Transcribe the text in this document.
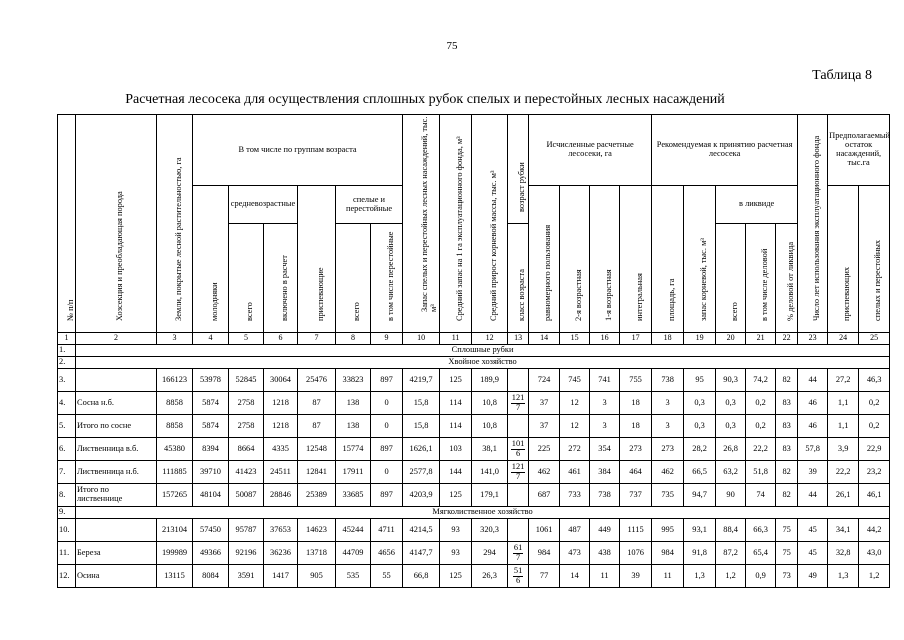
75
Таблица 8
Расчетная лесосека для осуществления сплошных рубок спелых и перестойных лесных насаждений
№ п/п	Хозсекция и преобладающая порода	Земли, покрытые лесной растительностью, га	В том числе по группам возраста						Запас спелых и перестойных лесных насаждений, тыс. м³	Средний запас на 1 га эксплуатационного фонда, м³	Средний прирост корневой массы, тыс. м³	возраст рубки	Исчисленные расчетные лесосеки, га				Рекомендуемая к принятию расчетная лесосека					Число лет использования эксплуатационного фонда	Предполагаемый остаток насаждений, тыс.га	

			молодняки	средневозрастные		приспевающие	спелые и перестойные						равномерного пользования	2-я возрастная	1-я возрастная	интегральная	площадь, га	запас корневой, тыс. м³	в ликвиде				приспевающих	спелых и перестойных

				всего	включено в расчет		всего	в том числе перестойные				класс возраста							всего	в том числе деловой	% деловой от ликвида			

1	2	3	4	5	6	7	8	9	10	11	12	13	14	15	16	17	18	19	20	21	22	23	24	25
1.	Сплошные рубки																							
2.	Хвойное хозяйство																							
3.		166123	53978	52845	30064	25476	33823	897	4219,7	125	189,9		724	745	741	755	738	95	90,3	74,2	82	44	27,2	46,3
4.	Сосна н.б.	8858	5874	2758	1218	87	138	0	15,8	114	10,8	$\frac{121}{7}$	37	12	3	18	3	0,3	0,3	0,2	83	46	1,1	0,2
5.	Итого по сосне	8858	5874	2758	1218	87	138	0	15,8	114	10,8		37	12	3	18	3	0,3	0,3	0,2	83	46	1,1	0,2
6.	Лиственница в.б.	45380	8394	8664	4335	12548	15774	897	1626,1	103	38,1	$\frac{101}{6}$	225	272	354	273	273	28,2	26,8	22,2	83	57,8	3,9	22,9
7.	Лиственница н.б.	111885	39710	41423	24511	12841	17911	0	2577,8	144	141,0	$\frac{121}{7}$	462	461	384	464	462	66,5	63,2	51,8	82	39	22,2	23,2
8.	Итого по лиственнице	157265	48104	50087	28846	25389	33685	897	4203,9	125	179,1		687	733	738	737	735	94,7	90	74	82	44	26,1	46,1
9.	Мягколиственное хозяйство																							
10.		213104	57450	95787	37653	14623	45244	4711	4214,5	93	320,3		1061	487	449	1115	995	93,1	88,4	66,3	75	45	34,1	44,2
11.	Береза	199989	49366	92196	36236	13718	44709	4656	4147,7	93	294	$\frac{61}{7}$	984	473	438	1076	984	91,8	87,2	65,4	75	45	32,8	43,0
12.	Осина	13115	8084	3591	1417	905	535	55	66,8	125	26,3	$\frac{51}{6}$	77	14	11	39	11	1,3	1,2	0,9	73	49	1,3	1,2
